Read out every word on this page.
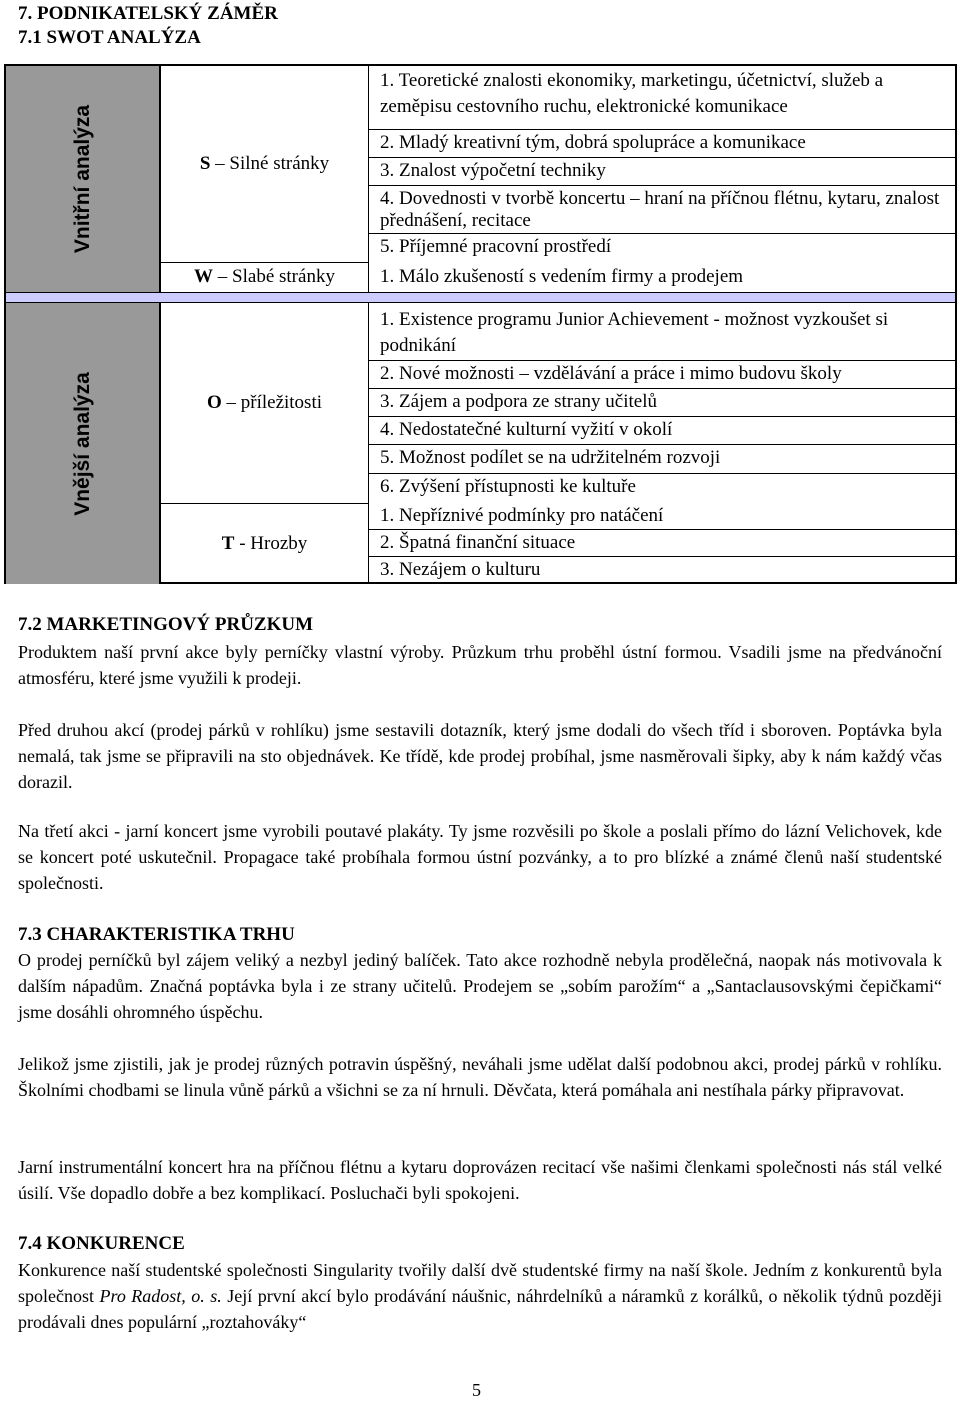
7. PODNIKATELSKÝ ZÁMĚR
7.1 SWOT ANALÝZA
Vnitřní analýza
Vnější analýza
S – Silné stránky
W – Slabé stránky
O – příležitosti
T - Hrozby
1. Teoretické znalosti ekonomiky, marketingu, účetnictví, služeb a zeměpisu cestovního ruchu, elektronické komunikace
2. Mladý kreativní tým, dobrá spolupráce a komunikace
3. Znalost výpočetní techniky
4. Dovednosti v tvorbě koncertu – hraní na příčnou flétnu, kytaru, znalost přednášení, recitace
5. Příjemné pracovní prostředí
1. Málo zkušeností s vedením firmy a prodejem
1. Existence programu Junior Achievement - možnost vyzkoušet si podnikání
2. Nové možnosti – vzdělávání a práce i mimo budovu školy
3. Zájem a podpora ze strany učitelů
4. Nedostatečné kulturní vyžití v okolí
5. Možnost podílet se na udržitelném rozvoji
6. Zvýšení přístupnosti ke kultuře
1. Nepříznivé podmínky pro natáčení
2. Špatná finanční situace
3. Nezájem o kulturu
7.2 MARKETINGOVÝ PRŮZKUM

Produktem naší první akce byly perníčky vlastní výroby. Průzkum trhu proběhl ústní formou. Vsadili jsme na předvánoční atmosféru, které jsme využili k prodeji.

Před druhou akcí (prodej párků v rohlíku) jsme sestavili dotazník, který jsme dodali do všech tříd i sboroven. Poptávka byla nemalá, tak jsme se připravili na sto objednávek. Ke třídě, kde prodej probíhal, jsme nasměrovali šipky, aby k nám každý včas dorazil.

Na třetí akci - jarní koncert jsme vyrobili poutavé plakáty. Ty jsme rozvěsili po škole a poslali přímo do lázní Velichovek, kde se koncert poté uskutečnil. Propagace také probíhala formou ústní pozvánky, a to pro blízké a známé členů naší studentské společnosti.

7.3 CHARAKTERISTIKA TRHU

O prodej perníčků byl zájem veliký a nezbyl jediný balíček. Tato akce rozhodně nebyla prodělečná, naopak nás motivovala k dalším nápadům. Značná poptávka byla i ze strany učitelů. Prodejem se „sobím parožím“ a „Santaclausovskými čepičkami“ jsme dosáhli ohromného úspěchu.

Jelikož jsme zjistili, jak je prodej různých potravin úspěšný, neváhali jsme udělat další podobnou akci, prodej párků v rohlíku. Školními chodbami se linula vůně párků a všichni se za ní hrnuli. Děvčata, která pomáhala ani nestíhala párky připravovat.

Jarní instrumentální koncert hra na příčnou flétnu a kytaru doprovázen recitací vše našimi členkami společnosti nás stál velké úsilí. Vše dopadlo dobře a bez komplikací. Posluchači byli spokojeni.

7.4 KONKURENCE

Konkurence naší studentské společnosti Singularity tvořily další dvě studentské firmy na naší škole. Jedním z konkurentů byla společnost Pro Radost, o. s. Její první akcí bylo prodávání náušnic, náhrdelníků a náramků z korálků, o několik týdnů později prodávali dnes populární „roztahováky“

5
